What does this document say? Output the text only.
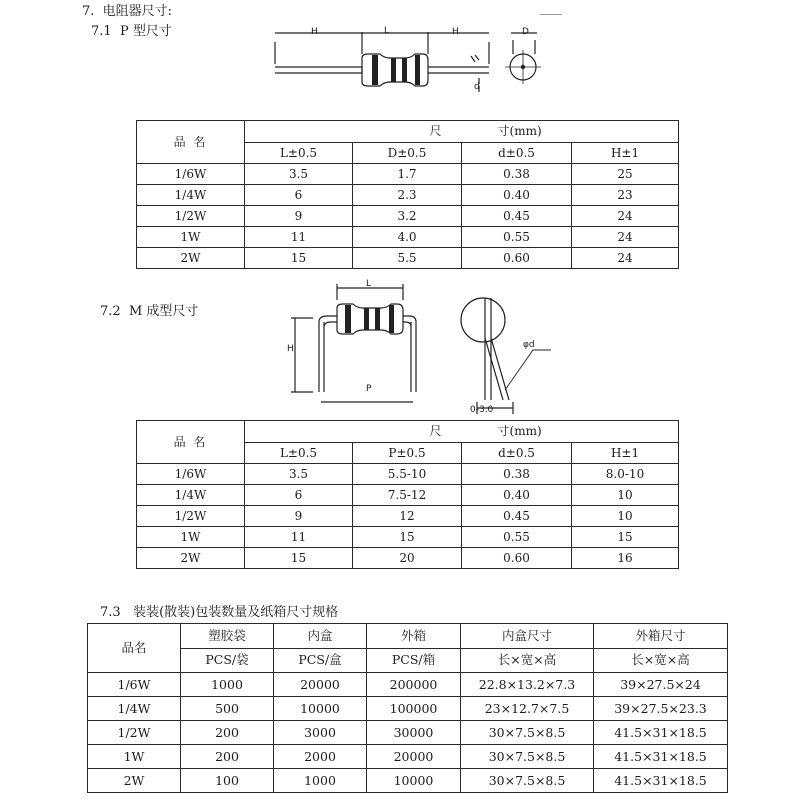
7. 电阻器尺寸:
7.1 P 型尺寸	H	L	H	D
d
品 名	尺		寸(mm)	
	L±0.5	D±0.5	d±0.5	H±1
1/6W	3.5	1.7	0.38	25
1/4W	6	2.3	0.40	23
1/2W	9	3.2	0.45	24
1W	11	4.0	0.55	24
2W	15	5.5	0.60	24
7.2 M 成型尺寸
L
H
P
φd
0-3.0
品 名	尺		寸(mm)	
	L±0.5	P±0.5	d±0.5	H±1
1/6W	3.5	5.5-10	0.38	8.0-10
1/4W	6	7.5-12	0.40	10
1/2W	9	12	0.45	10
1W	11	15	0.55	15
2W	15	20	0.60	16
7.3 装装(散装)包装数量及纸箱尺寸规格
品名	塑胶袋	内盒	外箱	内盒尺寸	外箱尺寸
	PCS/袋	PCS/盒	PCS/箱	长×宽×高	长×宽×高
1/6W	1000	20000	200000	22.8×13.2×7.3	39×27.5×24
1/4W	500	10000	100000	23×12.7×7.5	39×27.5×23.3
1/2W	200	3000	30000	30×7.5×8.5	41.5×31×18.5
1W	200	2000	20000	30×7.5×8.5	41.5×31×18.5
2W	100	1000	10000	30×7.5×8.5	41.5×31×18.5
